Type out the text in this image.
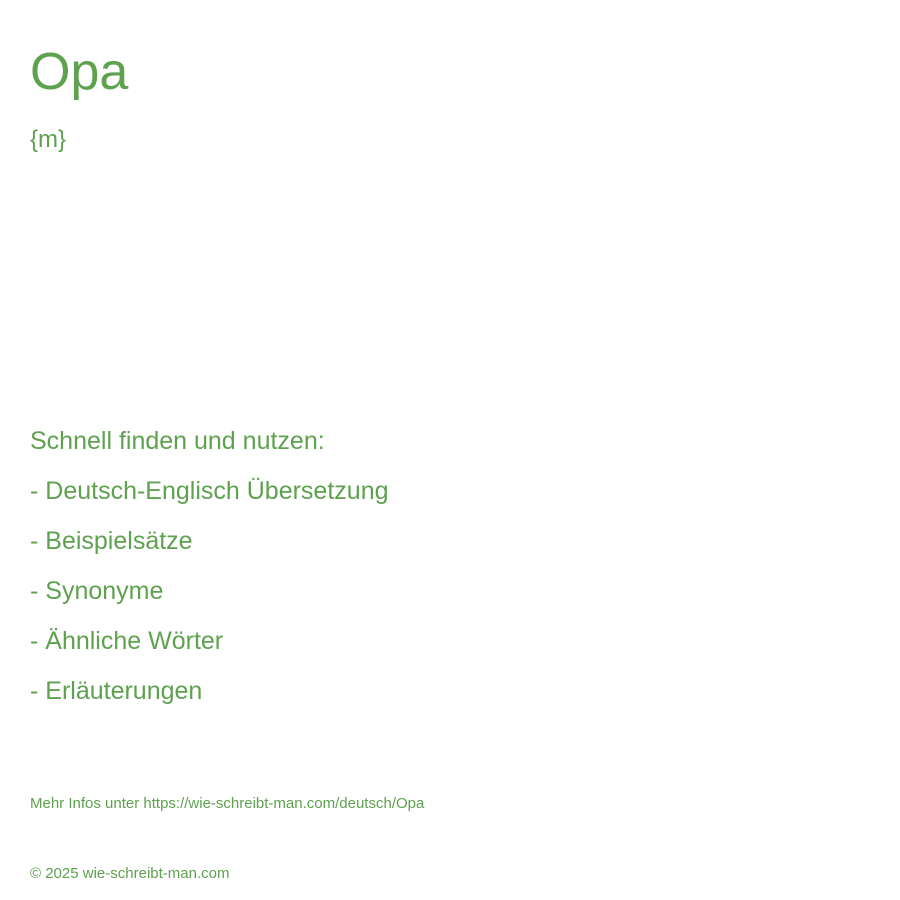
Opa
{m}
Schnell finden und nutzen:
- Deutsch-Englisch Übersetzung
- Beispielsätze
- Synonyme
- Ähnliche Wörter
- Erläuterungen
Mehr Infos unter https://wie-schreibt-man.com/deutsch/Opa
© 2025 wie-schreibt-man.com
